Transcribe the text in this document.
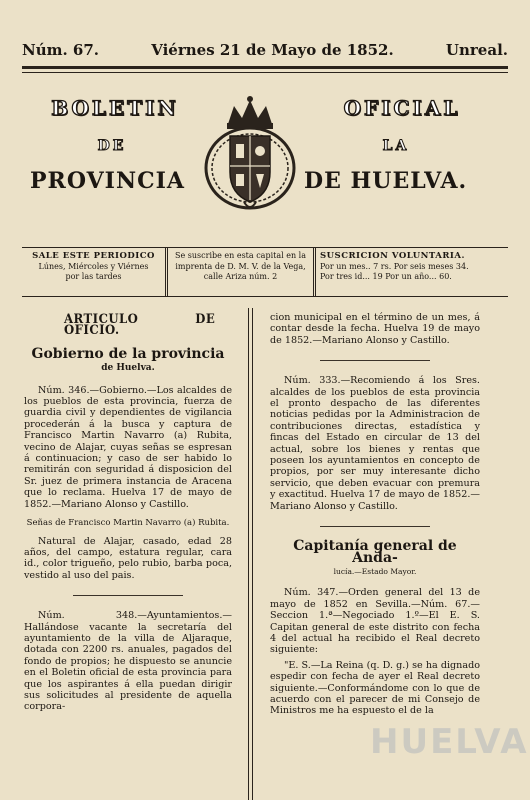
Núm. 67.	Viérnes 21 de Mayo de 1852.	Unreal.
BOLETIN	OFICIAL
DE	LA
PROVINCIA	DE HUELVA.
SALE ESTE PERIODICO
Lúnes, Miércoles y Viérnes
por las tardes
Se suscribe en esta capital en la
imprenta de D. M. V. de la Vega,
calle Ariza núm. 2
SUSCRICION VOLUNTARIA.
Por un mes.. 7 rs. Por seis meses 34.
Por tres id... 19 Por un año... 60.
ARTICULO DE OFICIO.
Gobierno de la provincia
de Huelva.

Núm. 346.—Gobierno.—Los alcaldes de los pueblos de esta provincia, fuerza de guardia civil y dependientes de vigilancia procederán á la busca y captura de Francisco Martin Navarro (a) Rubita, vecino de Alajar, cuyas señas se espresan á continuacion; y caso de ser habido lo remitirán con seguridad á disposicion del Sr. juez de primera instancia de Aracena que lo reclama. Huelva 17 de mayo de 1852.—Mariano Alonso y Castillo.

Señas de Francisco Martin Navarro (a) Rubita.

Natural de Alajar, casado, edad 28 años, del campo, estatura regular, cara id., color trigueño, pelo rubio, barba poca, vestido al uso del pais.

Núm. 348.—Ayuntamientos.—Hallándose vacante la secretaría del ayuntamiento de la villa de Aljaraque, dotada con 2200 rs. anuales, pagados del fondo de propios; he dispuesto se anuncie en el Boletin oficial de esta provincia para que los aspirantes á ella puedan dirigir sus solicitudes al presidente de aquella corpora-

cion municipal en el término de un mes, á contar desde la fecha. Huelva 19 de mayo de 1852.—Mariano Alonso y Castillo.

Núm. 333.—Recomiendo á los Sres. alcaldes de los pueblos de esta provincia el pronto despacho de las diferentes noticias pedidas por la Administracion de contribuciones directas, estadística y fincas del Estado en circular de 13 del actual, sobre los bienes y rentas que poseen los ayuntamientos en concepto de propios, por ser muy interesante dicho servicio, que deben evacuar con premura y exactitud. Huelva 17 de mayo de 1852.—Mariano Alonso y Castillo.

Capitanía general de Anda-
lucía.—Estado Mayor.

Núm. 347.—Orden general del 13 de mayo de 1852 en Sevilla.—Núm. 67.—Seccion 1.ª—Negociado 1.º—El E. S. Capitan general de este distrito con fecha 4 del actual ha recibido el Real decreto siguiente:

"E. S.—La Reina (q. D. g.) se ha dignado espedir con fecha de ayer el Real decreto siguiente.—Conformándome con lo que de acuerdo con el parecer de mi Consejo de Ministros me ha espuesto el de la

HUELVA
